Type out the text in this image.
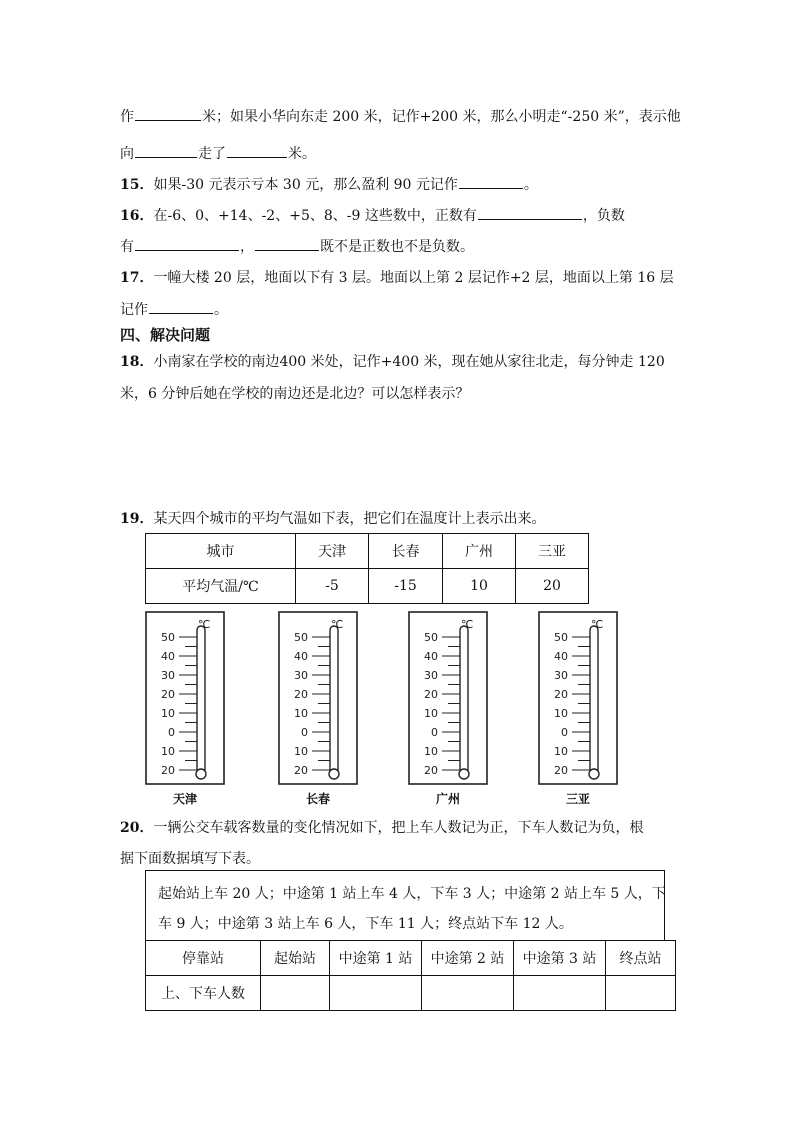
作	米；如果小华向东走 200 米，记作+200 米，那么小明走“-250 米”，表示他
向	走了	米。
15．如果-30 元表示亏本 30 元，那么盈利 90 元记作	。
16．在-6、0、+14、-2、+5、8、-9 这些数中，正数有	，负数
有	，	既不是正数也不是负数。
17．一幢大楼 20 层，地面以下有 3 层。地面以上第 2 层记作+2 层，地面以上第 16 层
记作	。
四、解决问题
18．小南家在学校的南边400 米处，记作+400 米，现在她从家往北走，每分钟走 120
米，6 分钟后她在学校的南边还是北边？可以怎样表示？
19．某天四个城市的平均气温如下表，把它们在温度计上表示出来。
城市	天津	长春	广州	三亚
平均气温/℃	-5	-15	10	20
℃
50
40
30
20
10
0
10
20
天津
℃
50
40
30
20
10
0
10
20
长春
℃
50
40
30
20
10
0
10
20
广州
℃
50
40
30
20
10
0
10
20
三亚
20．一辆公交车载客数量的变化情况如下，把上车人数记为正，下车人数记为负，根
据下面数据填写下表。
起始站上车 20 人；中途第 1 站上车 4 人，下车 3 人；中途第 2 站上车 5 人，下
车 9 人；中途第 3 站上车 6 人，下车 11 人；终点站下车 12 人。
停靠站	起始站	中途第 1 站	中途第 2 站	中途第 3 站	终点站
上、下车人数					
